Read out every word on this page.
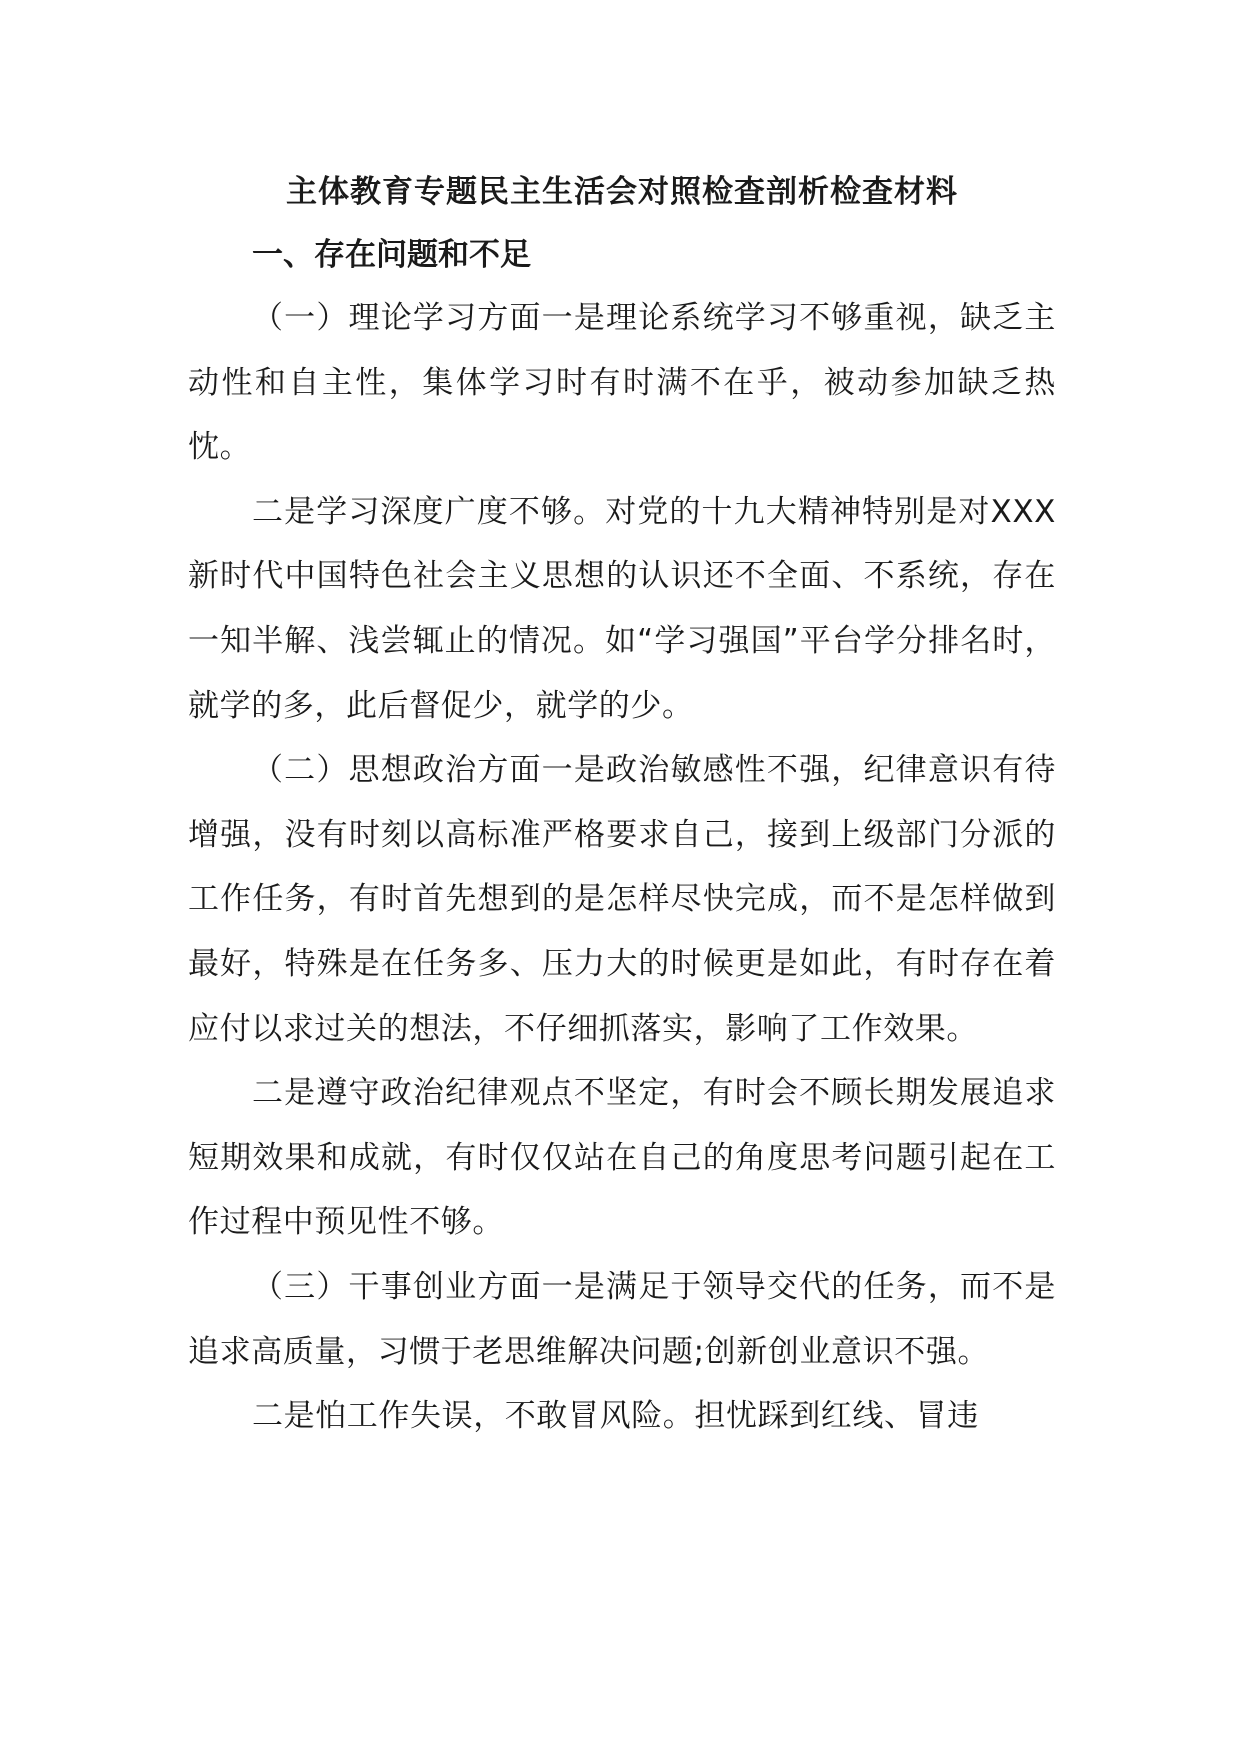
主体教育专题民主生活会对照检查剖析检查材料
一、存在问题和不足

（一）理论学习方面一是理论系统学习不够重视，缺乏主动性和自主性，集体学习时有时满不在乎，被动参加缺乏热忱。

二是学习深度广度不够。对党的十九大精神特别是对XXX新时代中国特色社会主义思想的认识还不全面、不系统，存在一知半解、浅尝辄止的情况。如“学习强国”平台学分排名时，就学的多，此后督促少，就学的少。

（二）思想政治方面一是政治敏感性不强，纪律意识有待增强，没有时刻以高标准严格要求自己，接到上级部门分派的工作任务，有时首先想到的是怎样尽快完成，而不是怎样做到最好，特殊是在任务多、压力大的时候更是如此，有时存在着应付以求过关的想法，不仔细抓落实，影响了工作效果。

二是遵守政治纪律观点不坚定，有时会不顾长期发展追求短期效果和成就，有时仅仅站在自己的角度思考问题引起在工作过程中预见性不够。

（三）干事创业方面一是满足于领导交代的任务，而不是追求高质量，习惯于老思维解决问题;创新创业意识不强。

二是怕工作失误，不敢冒风险。担忧踩到红线、冒违
